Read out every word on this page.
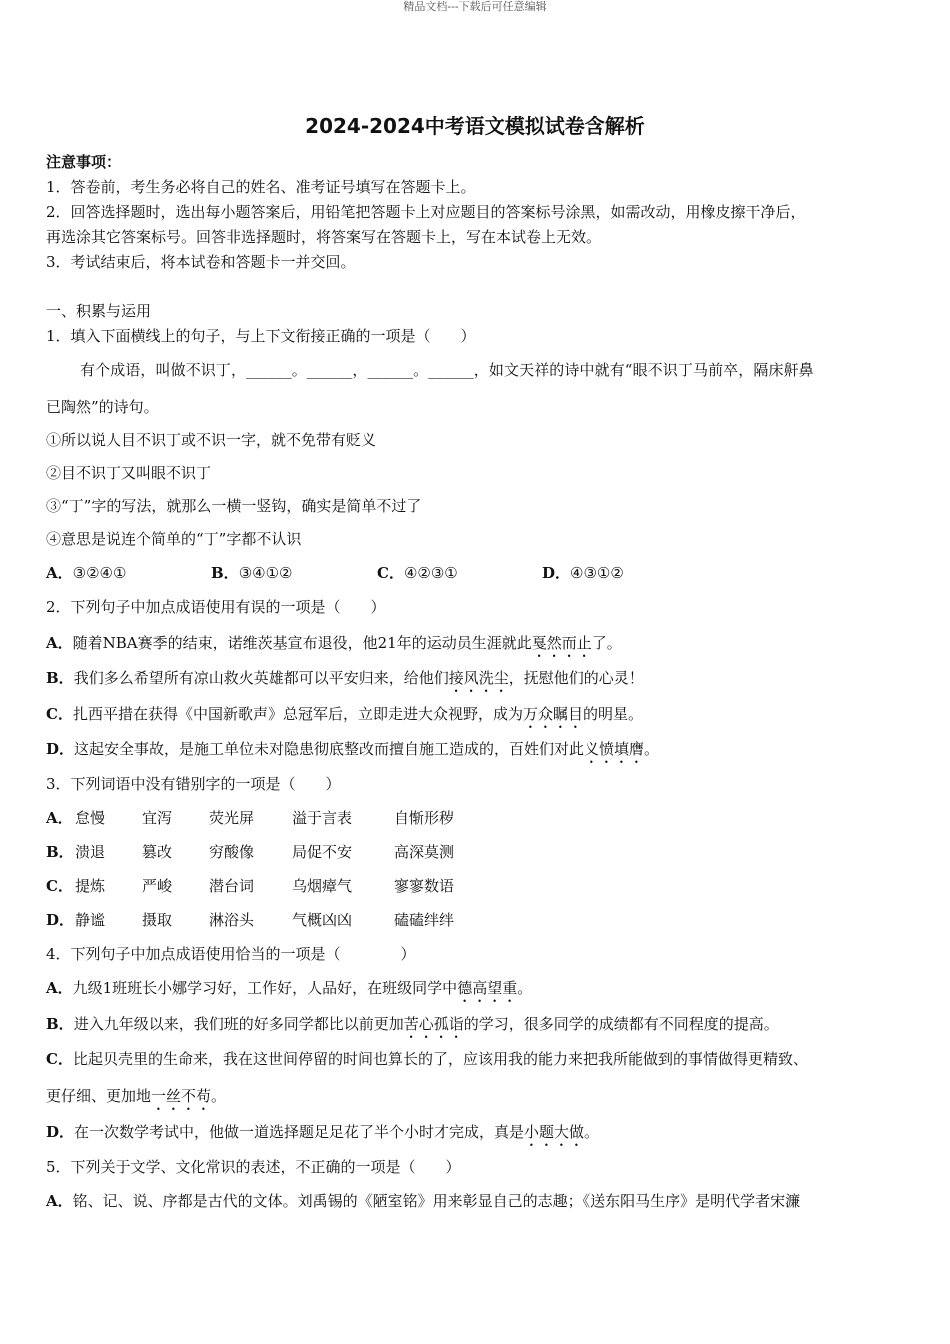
精品文档---下载后可任意编辑
2024-2024中考语文模拟试卷含解析
注意事项：
1．答卷前，考生务必将自己的姓名、准考证号填写在答题卡上。
2．回答选择题时，选出每小题答案后，用铅笔把答题卡上对应题目的答案标号涂黑，如需改动，用橡皮擦干净后，
再选涂其它答案标号。回答非选择题时，将答案写在答题卡上，写在本试卷上无效。
3．考试结束后，将本试卷和答题卡一并交回。
一、积累与运用
1．填入下面横线上的句子，与上下文衔接正确的一项是（　　）
有个成语，叫做不识丁，______。______，______。______，如文天祥的诗中就有“眼不识丁马前卒，隔床鼾鼻
已陶然”的诗句。
①所以说人目不识丁或不识一字，就不免带有贬义
②目不识丁又叫眼不识丁
③“丁”字的写法，就那么一横一竖钩，确实是简单不过了
④意思是说连个简单的“丁”字都不认识
A．③②④①	B．③④①②	C．④②③①	D．④③①②
2．下列句子中加点成语使用有误的一项是（　　）
A．随着NBA赛季的结束，诺维茨基宣布退役，他21年的运动员生涯就此戛然而止了。
B．我们多么希望所有凉山救火英雄都可以平安归来，给他们接风洗尘，抚慰他们的心灵！
C．扎西平措在获得《中国新歌声》总冠军后，立即走进大众视野，成为万众瞩目的明星。
D．这起安全事故，是施工单位未对隐患彻底整改而擅自施工造成的，百姓们对此义愤填膺。
3．下列词语中没有错别字的一项是（　　）
A． 怠慢 宜泻 荧光屏	溢于言表	自惭形秽
B． 溃退 篡改 穷酸像	局促不安	高深莫测
C． 提炼 严峻 潜台词	乌烟瘴气	寥寥数语
D． 静谧 摄取 淋浴头	气概凶凶	磕磕绊绊
4．下列句子中加点成语使用恰当的一项是（　　　　）
A．九级1班班长小娜学习好，工作好，人品好，在班级同学中德高望重。
B．进入九年级以来，我们班的好多同学都比以前更加苦心孤诣的学习，很多同学的成绩都有不同程度的提高。
C．比起贝壳里的生命来，我在这世间停留的时间也算长的了，应该用我的能力来把我所能做到的事情做得更精致、
更仔细、更加地一丝不苟。
D．在一次数学考试中，他做一道选择题足足花了半个小时才完成，真是小题大做。
5．下列关于文学、文化常识的表述，不正确的一项是（　　）
A．铭、记、说、序都是古代的文体。刘禹锡的《陋室铭》用来彰显自己的志趣；《送东阳马生序》是明代学者宋濂
